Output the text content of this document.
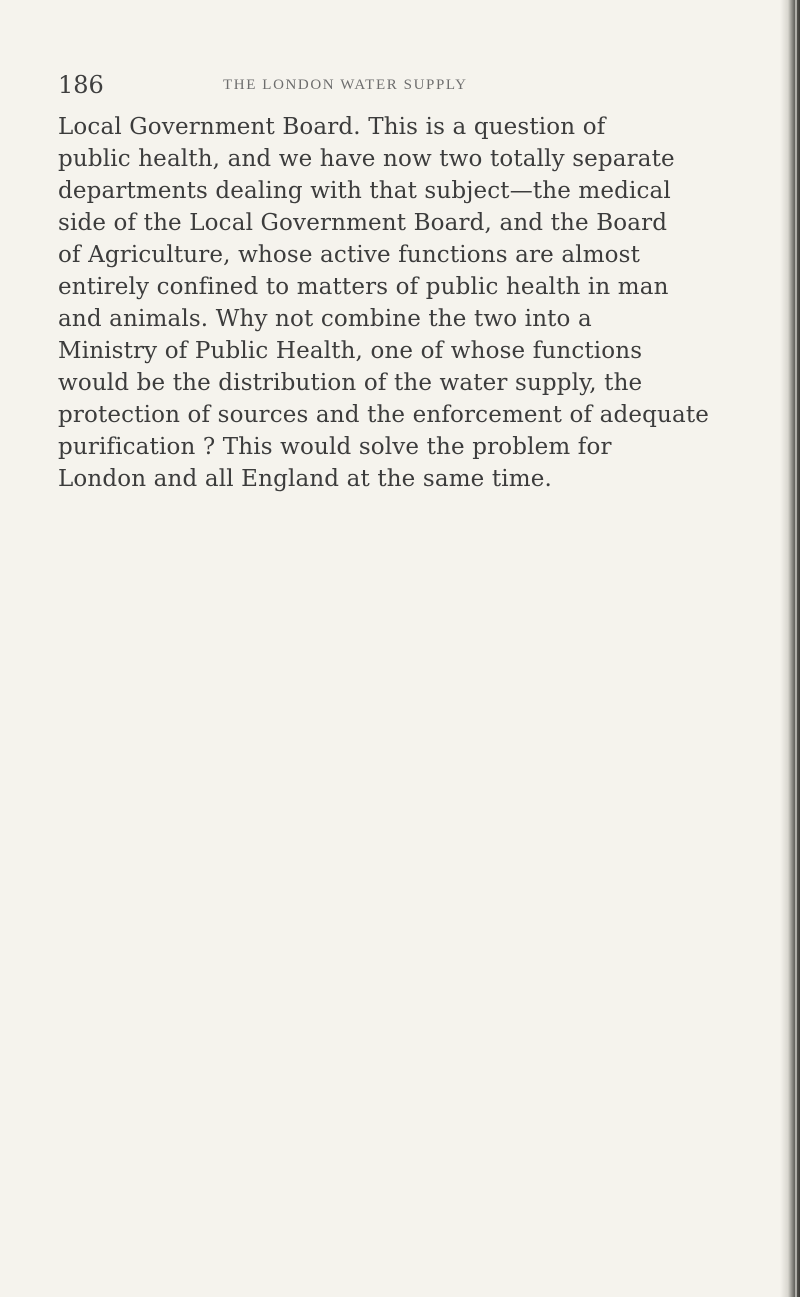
186	THE LONDON WATER SUPPLY
Local Government Board. This is a question of
public health, and we have now two totally separate
departments dealing with that subject—the medical
side of the Local Government Board, and the Board
of Agriculture, whose active functions are almost
entirely confined to matters of public health in man
and animals. Why not combine the two into a
Ministry of Public Health, one of whose functions
would be the distribution of the water supply, the
protection of sources and the enforcement of adequate
purification ? This would solve the problem for
London and all England at the same time.
